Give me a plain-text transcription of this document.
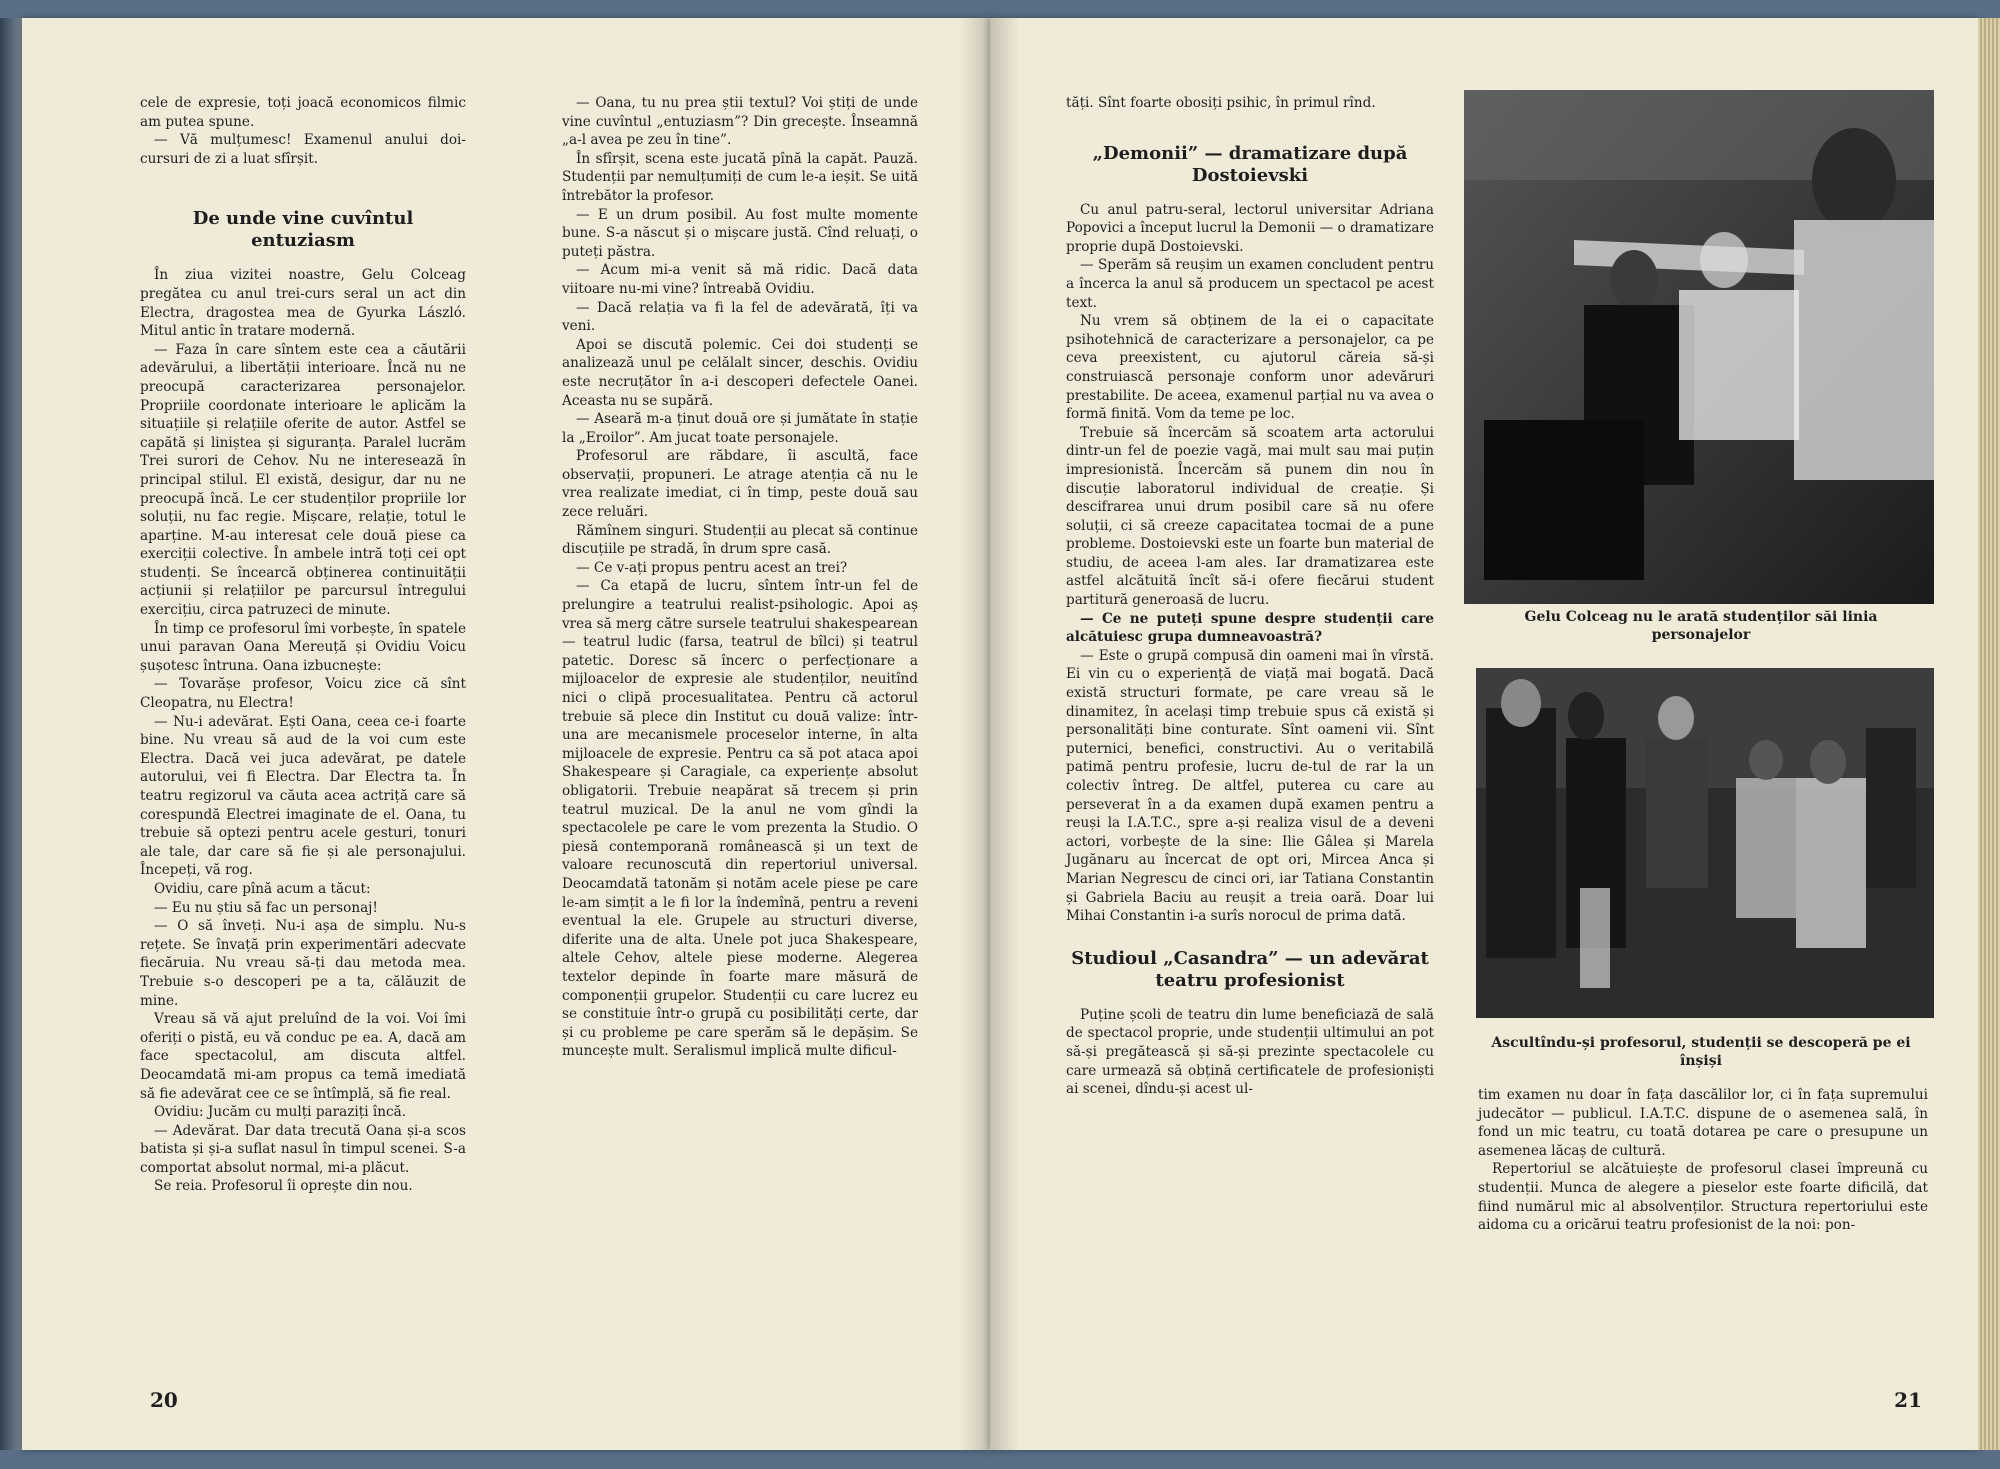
cele de expresie, toți joacă economicos filmic am putea spune.

— Vă mulțumesc! Examenul anului doi-cursuri de zi a luat sfîrșit.

De unde vine cuvîntul entuziasm

În ziua vizitei noastre, Gelu Colceag pregătea cu anul trei-curs seral un act din Electra, dragostea mea de Gyurka László. Mitul antic în tratare modernă.

— Faza în care sîntem este cea a căutării adevărului, a libertății interioare. Încă nu ne preocupă caracterizarea personajelor. Propriile coordonate interioare le aplicăm la situațiile și relațiile oferite de autor. Astfel se capătă și liniștea și siguranța. Paralel lucrăm Trei surori de Cehov. Nu ne interesează în principal stilul. El există, desigur, dar nu ne preocupă încă. Le cer studenților propriile lor soluții, nu fac regie. Mișcare, relație, totul le aparține. M-au interesat cele două piese ca exerciții colective. În ambele intră toți cei opt studenți. Se încearcă obținerea continuității acțiunii și relațiilor pe parcursul întregului exercițiu, circa patruzeci de minute.

În timp ce profesorul îmi vorbește, în spatele unui paravan Oana Mereuță și Ovidiu Voicu șușotesc întruna. Oana izbucnește:

— Tovarășe profesor, Voicu zice că sînt Cleopatra, nu Electra!

— Nu-i adevărat. Ești Oana, ceea ce-i foarte bine. Nu vreau să aud de la voi cum este Electra. Dacă vei juca adevărat, pe datele autorului, vei fi Electra. Dar Electra ta. În teatru regizorul va căuta acea actriță care să corespundă Electrei imaginate de el. Oana, tu trebuie să optezi pentru acele gesturi, tonuri ale tale, dar care să fie și ale personajului. Începeți, vă rog.

Ovidiu, care pînă acum a tăcut:

— Eu nu știu să fac un personaj!

— O să înveți. Nu-i așa de simplu. Nu-s rețete. Se învață prin experimentări adecvate fiecăruia. Nu vreau să-ți dau metoda mea. Trebuie s-o descoperi pe a ta, călăuzit de mine.

Vreau să vă ajut preluînd de la voi. Voi îmi oferiți o pistă, eu vă conduc pe ea. A, dacă am face spectacolul, am discuta altfel. Deocamdată mi-am propus ca temă imediată să fie adevărat cee ce se întîmplă, să fie real.

Ovidiu: Jucăm cu mulți paraziți încă.

— Adevărat. Dar data trecută Oana și-a scos batista și și-a suflat nasul în timpul scenei. S-a comportat absolut normal, mi-a plăcut.

Se reia. Profesorul îi oprește din nou.

— Oana, tu nu prea știi textul? Voi știți de unde vine cuvîntul „entuziasm”? Din grecește. Înseamnă „a-l avea pe zeu în tine”.

În sfîrșit, scena este jucată pînă la capăt. Pauză. Studenții par nemulțumiți de cum le-a ieșit. Se uită întrebător la profesor.

— E un drum posibil. Au fost multe momente bune. S-a născut și o mișcare justă. Cînd reluați, o puteți păstra.

— Acum mi-a venit să mă ridic. Dacă data viitoare nu-mi vine? întreabă Ovidiu.

— Dacă relația va fi la fel de adevărată, îți va veni.

Apoi se discută polemic. Cei doi studenți se analizează unul pe celălalt sincer, deschis. Ovidiu este necruțător în a-i descoperi defectele Oanei. Aceasta nu se supără.

— Aseară m-a ținut două ore și jumătate în stație la „Eroilor”. Am jucat toate personajele.

Profesorul are răbdare, îi ascultă, face observații, propuneri. Le atrage atenția că nu le vrea realizate imediat, ci în timp, peste două sau zece reluări.

Rămînem singuri. Studenții au plecat să continue discuțiile pe stradă, în drum spre casă.

— Ce v-ați propus pentru acest an trei?

— Ca etapă de lucru, sîntem într-un fel de prelungire a teatrului realist-psihologic. Apoi aș vrea să merg către sursele teatrului shakespearean — teatrul ludic (farsa, teatrul de bîlci) și teatrul patetic. Doresc să încerc o perfecționare a mijloacelor de expresie ale studenților, neuitînd nici o clipă procesualitatea. Pentru că actorul trebuie să plece din Institut cu două valize: într-una are mecanismele proceselor interne, în alta mijloacele de expresie. Pentru ca să pot ataca apoi Shakespeare și Caragiale, ca experiențe absolut obligatorii. Trebuie neapărat să trecem și prin teatrul muzical. De la anul ne vom gîndi la spectacolele pe care le vom prezenta la Studio. O piesă contemporană românească și un text de valoare recunoscută din repertoriul universal. Deocamdată tatonăm și notăm acele piese pe care le-am simțit a le fi lor la îndemînă, pentru a reveni eventual la ele. Grupele au structuri diverse, diferite una de alta. Unele pot juca Shakespeare, altele Cehov, altele piese moderne. Alegerea textelor depinde în foarte mare măsură de componenții grupelor. Studenții cu care lucrez eu se constituie într-o grupă cu posibilități certe, dar și cu probleme pe care sperăm să le depășim. Se muncește mult. Seralismul implică multe dificul-

20

tăți. Sînt foarte obosiți psihic, în primul rînd.

„Demonii” — dramatizare după Dostoievski

Cu anul patru-seral, lectorul universitar Adriana Popovici a început lucrul la Demonii — o dramatizare proprie după Dostoievski.

— Sperăm să reușim un examen concludent pentru a încerca la anul să producem un spectacol pe acest text.

Nu vrem să obținem de la ei o capacitate psihotehnică de caracterizare a personajelor, ca pe ceva preexistent, cu ajutorul căreia să-și construiască personaje conform unor adevăruri prestabilite. De aceea, examenul parțial nu va avea o formă finită. Vom da teme pe loc.

Trebuie să încercăm să scoatem arta actorului dintr-un fel de poezie vagă, mai mult sau mai puțin impresionistă. Încercăm să punem din nou în discuție laboratorul individual de creație. Și descifrarea unui drum posibil care să nu ofere soluții, ci să creeze capacitatea tocmai de a pune probleme. Dostoievski este un foarte bun material de studiu, de aceea l-am ales. Iar dramatizarea este astfel alcătuită încît să-i ofere fiecărui student partitură generoasă de lucru.

— Ce ne puteți spune despre studenții care alcătuiesc grupa dumneavoastră?

— Este o grupă compusă din oameni mai în vîrstă. Ei vin cu o experiență de viață mai bogată. Dacă există structuri formate, pe care vreau să le dinamitez, în același timp trebuie spus că există și personalități bine conturate. Sînt oameni vii. Sînt puternici, benefici, constructivi. Au o veritabilă patimă pentru profesie, lucru de-tul de rar la un colectiv întreg. De altfel, puterea cu care au perseverat în a da examen după examen pentru a reuși la I.A.T.C., spre a-și realiza visul de a deveni actori, vorbește de la sine: Ilie Gâlea și Marela Jugănaru au încercat de opt ori, Mircea Anca și Marian Negrescu de cinci ori, iar Tatiana Constantin și Gabriela Baciu au reușit a treia oară. Doar lui Mihai Constantin i-a surîs norocul de prima dată.

Studioul „Casandra” — un adevărat teatru profesionist

Puține școli de teatru din lume beneficiază de sală de spectacol proprie, unde studenții ultimului an pot să-și pregătească și să-și prezinte spectacolele cu care urmează să obțină certificatele de profesioniști ai scenei, dîndu-și acest ul-

Gelu Colceag nu le arată studenților săi linia personajelor
Ascultîndu-și profesorul, studenții se descoperă pe ei înșiși

tim examen nu doar în fața dascălilor lor, ci în fața supremului judecător — publicul. I.A.T.C. dispune de o asemenea sală, în fond un mic teatru, cu toată dotarea pe care o presupune un asemenea lăcaș de cultură.

Repertoriul se alcătuiește de profesorul clasei împreună cu studenții. Munca de alegere a pieselor este foarte dificilă, dat fiind numărul mic al absolvenților. Structura repertoriului este aidoma cu a oricărui teatru profesionist de la noi: pon-

21
